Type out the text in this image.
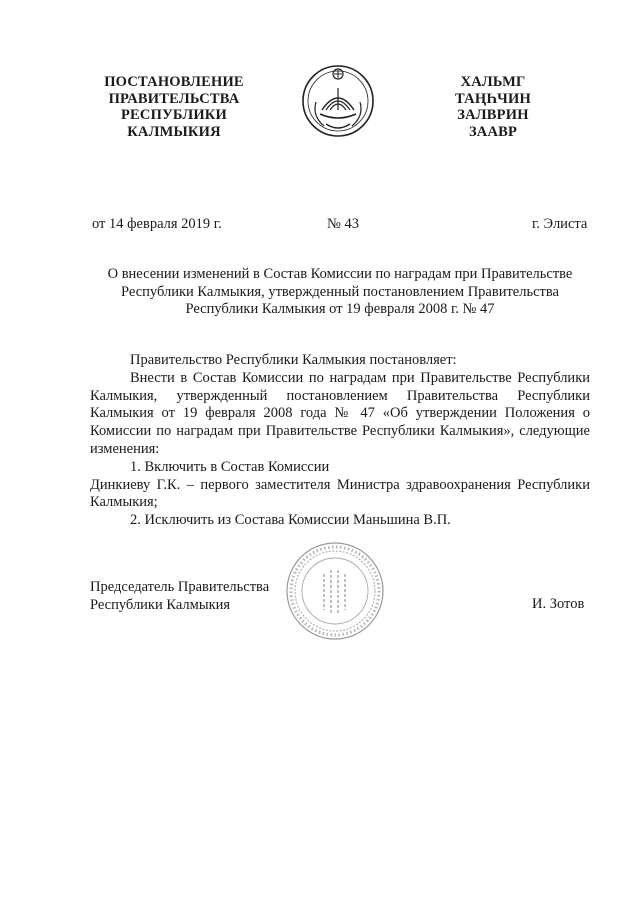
ПОСТАНОВЛЕНИЕ
ПРАВИТЕЛЬСТВА
РЕСПУБЛИКИ
КАЛМЫКИЯ
ХАЛЬМГ
ТАҢҺЧИН
ЗАЛВРИН
ЗААВР
от 14 февраля 2019 г.	№ 43	г. Элиста
О внесении изменений в Состав Комиссии по наградам при Правительстве
Республики Калмыкия, утвержденный постановлением Правительства
Республики Калмыкия от 19 февраля 2008 г. № 47
Правительство Республики Калмыкия постановляет:
Внести в Состав Комиссии по наградам при Правительстве Республики Калмыкия, утвержденный постановлением Правительства Республики Калмыкия от 19 февраля 2008 года № 47 «Об утверждении Положения о Комиссии по наградам при Правительстве Республики Калмыкия», следующие изменения:
1. Включить в Состав Комиссии
Динкиеву Г.К. – первого заместителя Министра здравоохранения Республики Калмыкия;
2. Исключить из Состава Комиссии Маньшина В.П.
Председатель Правительства
Республики Калмыкия	И. Зотов
